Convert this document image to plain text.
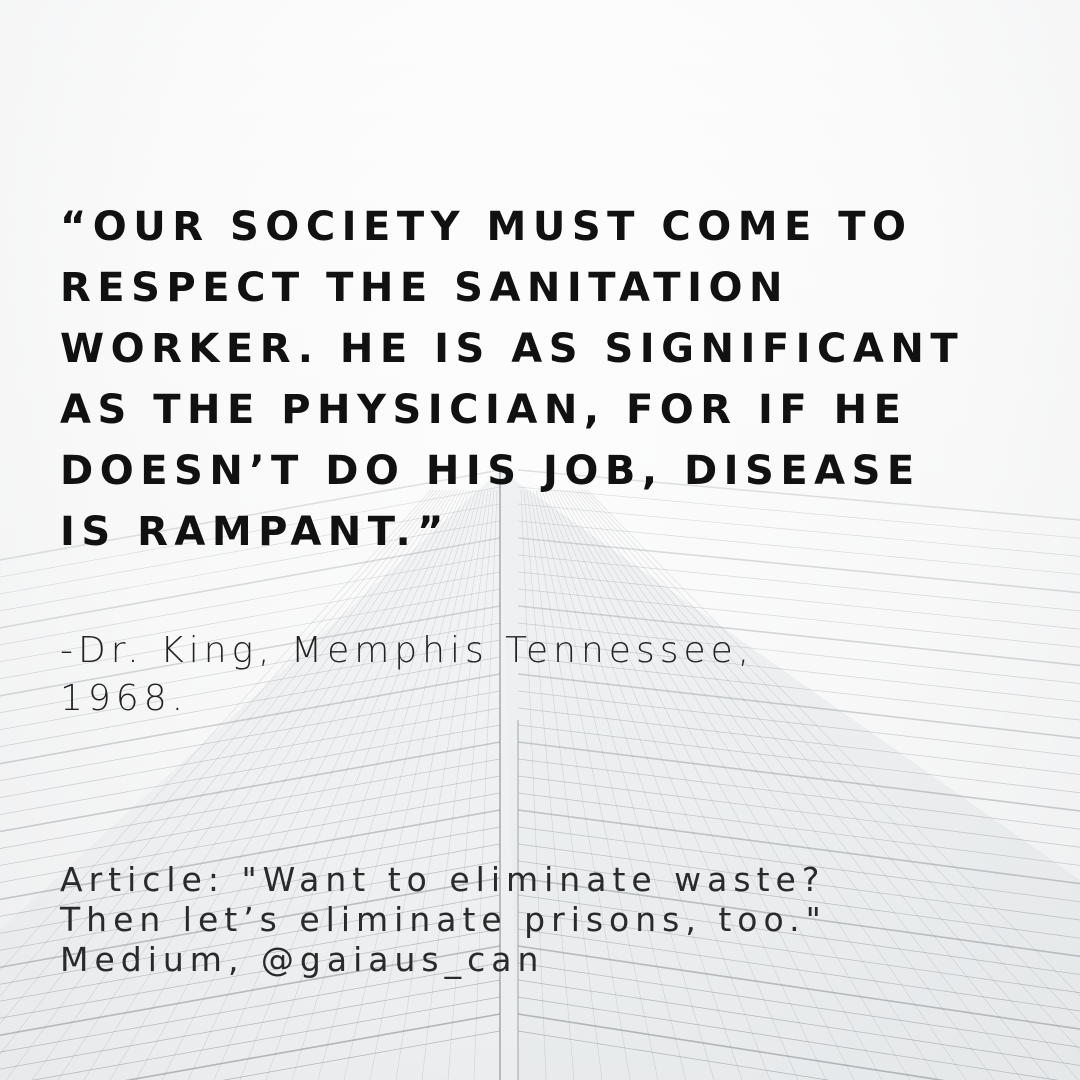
“OUR SOCIETY MUST COME TO
RESPECT THE SANITATION
WORKER. HE IS AS SIGNIFICANT
AS THE PHYSICIAN, FOR IF HE
DOESN’T DO HIS JOB, DISEASE
IS RAMPANT.”

-Dr. King, Memphis Tennessee,
1968.

Article: "Want to eliminate waste?
Then let’s eliminate prisons, too."
Medium, @gaiaus_can
